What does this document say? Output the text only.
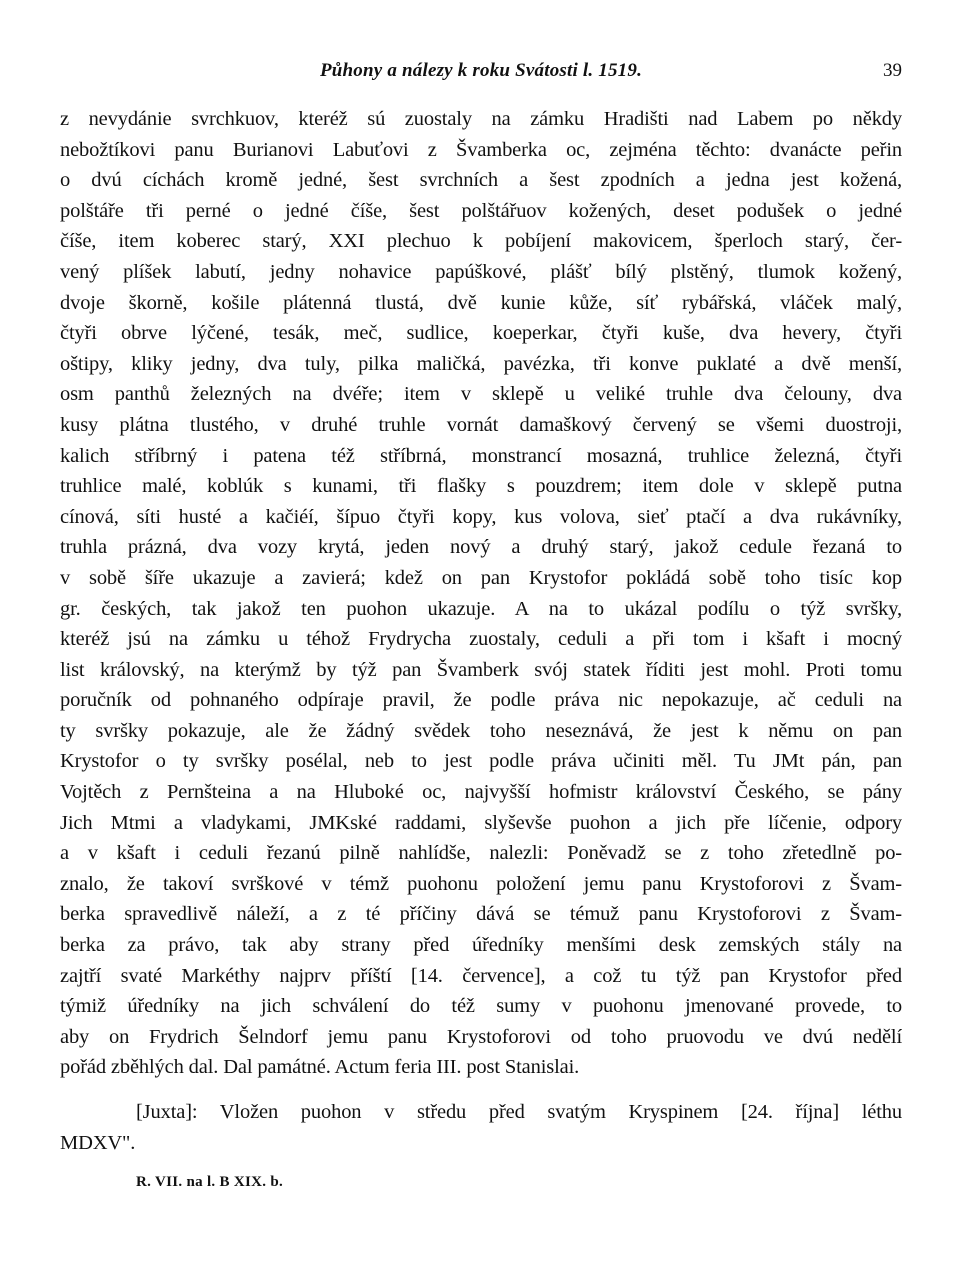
Půhony a nálezy k roku Svátosti l. 1519.	39
z nevydánie svrchkuov, kteréž sú zuostaly na zámku Hradišti nad Labem po někdy
nebožtíkovi panu Burianovi Labuťovi z Švamberka oc, zejména těchto: dvanácte peřin
o dvú cíchách kromě jedné, šest svrchních a šest zpodních a jedna jest kožená,
polštáře tři perné o jedné číše, šest polštářuov kožených, deset podušek o jedné
číše, item koberec starý, XXI plechuo k pobíjení makovicem, šperloch starý, čer-
vený plíšek labutí, jedny nohavice papúškové, plášť bílý plstěný, tlumok kožený,
dvoje škorně, košile plátenná tlustá, dvě kunie kůže, síť rybářská, vláček malý,
čtyři obrve lýčené, tesák, meč, sudlice, koeperkar, čtyři kuše, dva hevery, čtyři
oštipy, kliky jedny, dva tuly, pilka maličká, pavézka, tři konve puklaté a dvě menší,
osm panthů železných na dvéře; item v sklepě u veliké truhle dva čelouny, dva
kusy plátna tlustého, v druhé truhle vornát damaškový červený se všemi duostroji,
kalich stříbrný i patena též stříbrná, monstrancí mosazná, truhlice železná, čtyři
truhlice malé, koblúk s kunami, tři flašky s pouzdrem; item dole v sklepě putna
cínová, síti husté a kačiéí, šípuo čtyři kopy, kus volova, sieť ptačí a dva rukávníky,
truhla prázná, dva vozy krytá, jeden nový a druhý starý, jakož cedule řezaná to
v sobě šíře ukazuje a zavierá; kdež on pan Krystofor pokládá sobě toho tisíc kop
gr. českých, tak jakož ten puohon ukazuje. A na to ukázal podílu o týž svršky,
kteréž jsú na zámku u téhož Frydrycha zuostaly, ceduli a při tom i kšaft i mocný
list královský, na kterýmž by týž pan Švamberk svój statek říditi jest mohl. Proti tomu
poručník od pohnaného odpíraje pravil, že podle práva nic nepokazuje, ač ceduli na
ty svršky pokazuje, ale že žádný svědek toho neseznává, že jest k němu on pan
Krystofor o ty svršky posélal, neb to jest podle práva učiniti měl. Tu JMt pán, pan
Vojtěch z Pernšteina a na Hluboké oc, najvyšší hofmistr království Českého, se pány
Jich Mtmi a vladykami, JMKské raddami, slyševše puohon a jich pře líčenie, odpory
a v kšaft i ceduli řezanú pilně nahlídše, nalezli: Poněvadž se z toho zřetedlně po-
znalo, že takoví svrškové v témž puohonu položení jemu panu Krystoforovi z Švam-
berka spravedlivě náleží, a z té příčiny dává se témuž panu Krystoforovi z Švam-
berka za právo, tak aby strany před úředníky menšími desk zemských stály na
zajtří svaté Markéthy najprv příští [14. července], a což tu týž pan Krystofor před
týmiž úředníky na jich schválení do též sumy v puohonu jmenované provede, to
aby on Frydrich Šelndorf jemu panu Krystoforovi od toho pruovodu ve dvú nedělí
pořád zběhlých dal. Dal památné. Actum feria III. post Stanislai.
[Juxta]: Vložen puohon v středu před svatým Kryspinem [24. října] léthu
MDXV".
R. VII. na l. B XIX. b.
